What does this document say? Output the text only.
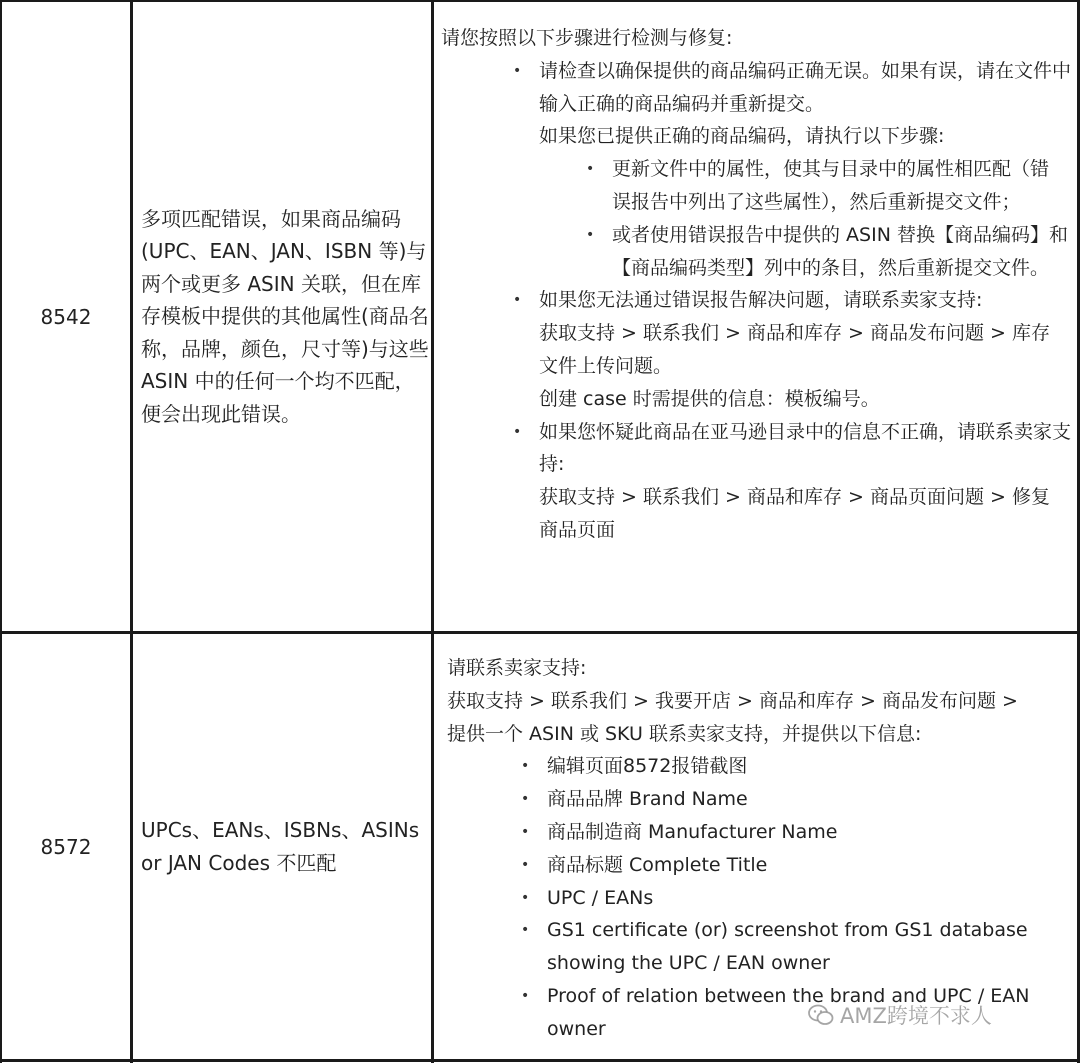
8542
多项匹配错误，如果商品编码(UPC、EAN、JAN、ISBN 等)与两个或更多 ASIN 关联，但在库存模板中提供的其他属性(商品名称，品牌，颜色，尺寸等)与这些 ASIN 中的任何一个均不匹配，便会出现此错误。
请您按照以下步骤进行检测与修复:
• 请检查以确保提供的商品编码正确无误。如果有误，请在文件中输入正确的商品编码并重新提交。
如果您已提供正确的商品编码，请执行以下步骤:
• 更新文件中的属性，使其与目录中的属性相匹配（错误报告中列出了这些属性），然后重新提交文件；
• 或者使用错误报告中提供的 ASIN 替换【商品编码】和【商品编码类型】列中的条目，然后重新提交文件。
• 如果您无法通过错误报告解决问题，请联系卖家支持:
获取支持 > 联系我们 > 商品和库存 > 商品发布问题 > 库存文件上传问题。
创建 case 时需提供的信息：模板编号。
• 如果您怀疑此商品在亚马逊目录中的信息不正确，请联系卖家支持:
获取支持 > 联系我们 > 商品和库存 > 商品页面问题 > 修复商品页面
8572
UPCs、EANs、ISBNs、ASINs or JAN Codes 不匹配
请联系卖家支持:
获取支持 > 联系我们 > 我要开店 > 商品和库存 > 商品发布问题 >
提供一个 ASIN 或 SKU 联系卖家支持，并提供以下信息:
• 编辑页面8572报错截图
• 商品品牌 Brand Name
• 商品制造商 Manufacturer Name
• 商品标题 Complete Title
• UPC / EANs
• GS1 certificate (or) screenshot from GS1 database showing the UPC / EAN owner
• Proof of relation between the brand and UPC / EAN owner
AMZ跨境不求人
